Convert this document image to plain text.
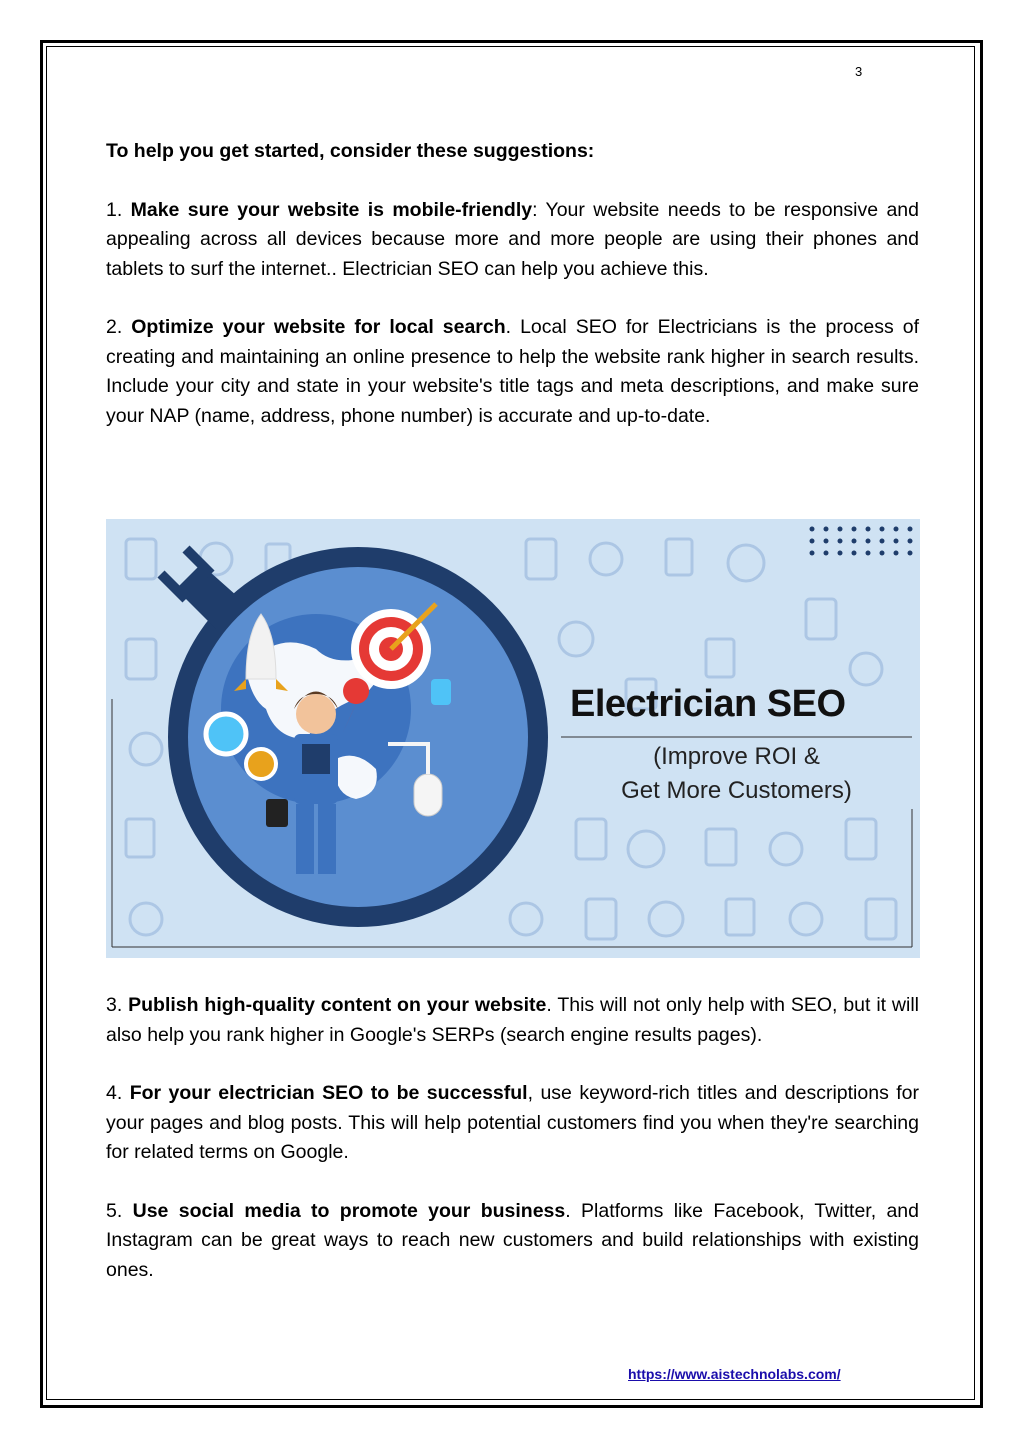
3

To help you get started, consider these suggestions:

1. Make sure your website is mobile-friendly: Your website needs to be responsive and appealing across all devices because more and more people are using their phones and tablets to surf the internet.. Electrician SEO can help you achieve this.

2. Optimize your website for local search. Local SEO for Electricians is the process of creating and maintaining an online presence to help the website rank higher in search results. Include your city and state in your website's title tags and meta descriptions, and make sure your NAP (name, address, phone number) is accurate and up-to-date.

Electrician SEO
(Improve ROI &
Get More Customers)

3. Publish high-quality content on your website. This will not only help with SEO, but it will also help you rank higher in Google's SERPs (search engine results pages).

4. For your electrician SEO to be successful, use keyword-rich titles and descriptions for your pages and blog posts. This will help potential customers find you when they're searching for related terms on Google.

5. Use social media to promote your business. Platforms like Facebook, Twitter, and Instagram can be great ways to reach new customers and build relationships with existing ones.

https://www.aistechnolabs.com/
